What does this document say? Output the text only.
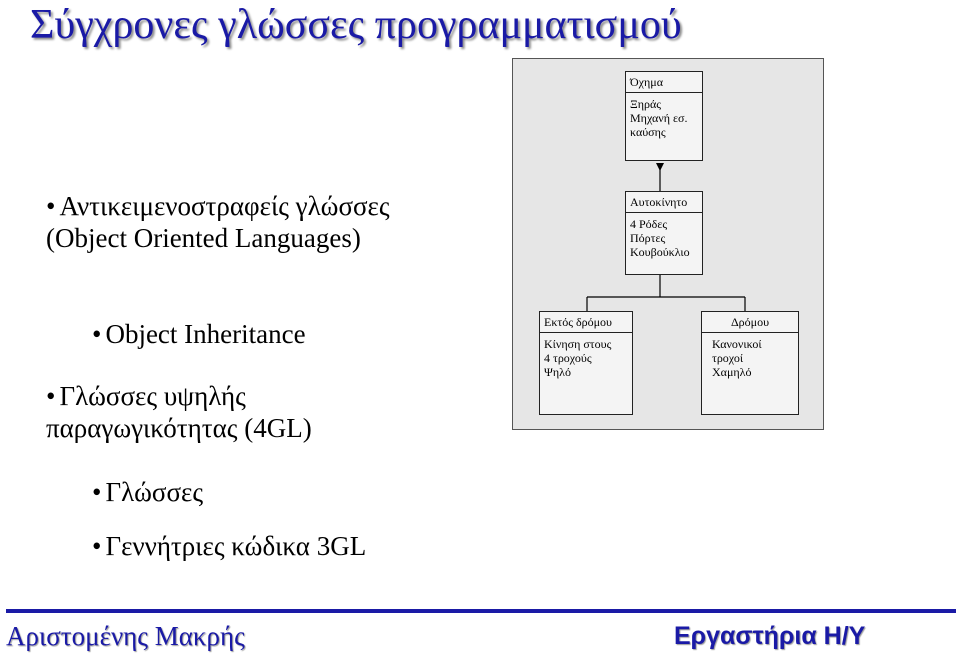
Σύγχρονες γλώσσες προγραμματισμού
• Αντικειμενοστραφείς γλώσσες (Object Oriented Languages)
• Object Inheritance
• Γλώσσες υψηλής παραγωγικότητας (4GL)
• Γλώσσες
• Γεννήτριες κώδικα 3GL
Όχημα
Ξηράς
Μηχανή εσ.
καύσης
Αυτοκίνητο
4 Ρόδες
Πόρτες
Κουβούκλιο
Εκτός δρόμου
Κίνηση στους
4 τροχούς
Ψηλό
Δρόμου
Κανονικοί
τροχοί
Χαμηλό
Αριστομένης Μακρής	Εργαστήρια Η/Υ
